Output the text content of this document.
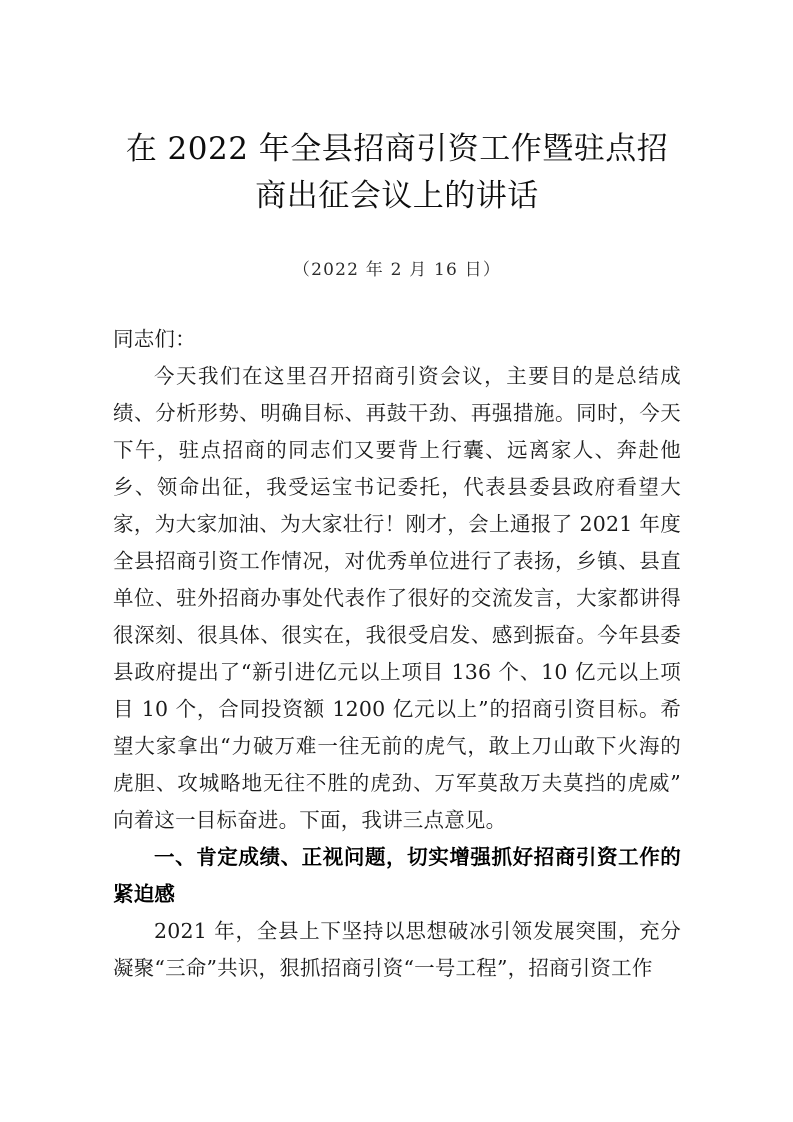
在 2022 年全县招商引资工作暨驻点招商出征会议上的讲话

（2022 年 2 月 16 日）

同志们：

今天我们在这里召开招商引资会议，主要目的是总结成绩、分析形势、明确目标、再鼓干劲、再强措施。同时，今天下午，驻点招商的同志们又要背上行囊、远离家人、奔赴他乡、领命出征，我受运宝书记委托，代表县委县政府看望大家，为大家加油、为大家壮行！刚才，会上通报了 2021 年度全县招商引资工作情况，对优秀单位进行了表扬，乡镇、县直单位、驻外招商办事处代表作了很好的交流发言，大家都讲得很深刻、很具体、很实在，我很受启发、感到振奋。今年县委县政府提出了“新引进亿元以上项目 136 个、10 亿元以上项目 10 个，合同投资额 1200 亿元以上”的招商引资目标。希望大家拿出“力破万难一往无前的虎气，敢上刀山敢下火海的虎胆、攻城略地无往不胜的虎劲、万军莫敌万夫莫挡的虎威”向着这一目标奋进。下面，我讲三点意见。

一、肯定成绩、正视问题，切实增强抓好招商引资工作的紧迫感

2021 年，全县上下坚持以思想破冰引领发展突围，充分凝聚“三命”共识，狠抓招商引资“一号工程”，招商引资工作
